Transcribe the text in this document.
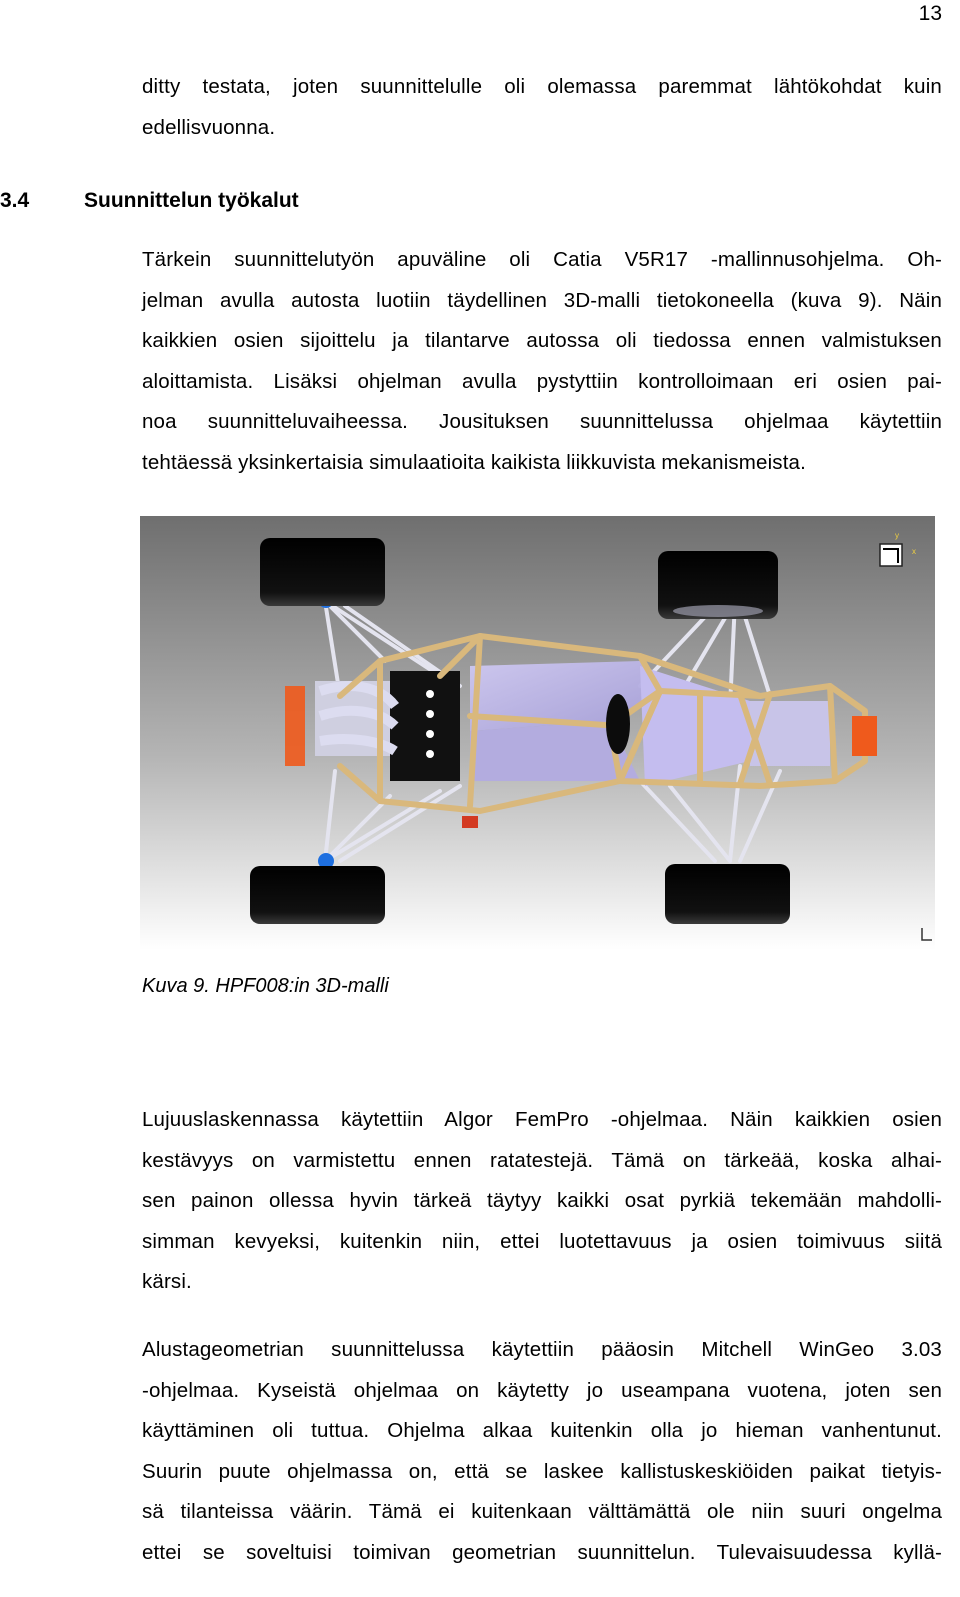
13
ditty testata, joten suunnittelulle oli olemassa paremmat lähtökohdat kuin
edellisvuonna.
3.4	Suunnittelun työkalut
Tärkein suunnittelutyön apuväline oli Catia V5R17 -mallinnusohjelma. Oh-
jelman avulla autosta luotiin täydellinen 3D-malli tietokoneella (kuva 9). Näin
kaikkien osien sijoittelu ja tilantarve autossa oli tiedossa ennen valmistuksen
aloittamista. Lisäksi ohjelman avulla pystyttiin kontrolloimaan eri osien pai-
noa suunnitteluvaiheessa. Jousituksen suunnittelussa ohjelmaa käytettiin
tehtäessä yksinkertaisia simulaatioita kaikista liikkuvista mekanismeista.
y
x
Kuva 9. HPF008:in 3D-malli
Lujuuslaskennassa käytettiin Algor FemPro -ohjelmaa. Näin kaikkien osien
kestävyys on varmistettu ennen ratatestejä. Tämä on tärkeää, koska alhai-
sen painon ollessa hyvin tärkeä täytyy kaikki osat pyrkiä tekemään mahdolli-
simman kevyeksi, kuitenkin niin, ettei luotettavuus ja osien toimivuus siitä
kärsi.
Alustageometrian suunnittelussa käytettiin pääosin Mitchell WinGeo 3.03
-ohjelmaa. Kyseistä ohjelmaa on käytetty jo useampana vuotena, joten sen
käyttäminen oli tuttua. Ohjelma alkaa kuitenkin olla jo hieman vanhentunut.
Suurin puute ohjelmassa on, että se laskee kallistuskeskiöiden paikat tietyis-
sä tilanteissa väärin. Tämä ei kuitenkaan välttämättä ole niin suuri ongelma
ettei se soveltuisi toimivan geometrian suunnittelun. Tulevaisuudessa kyllä-
